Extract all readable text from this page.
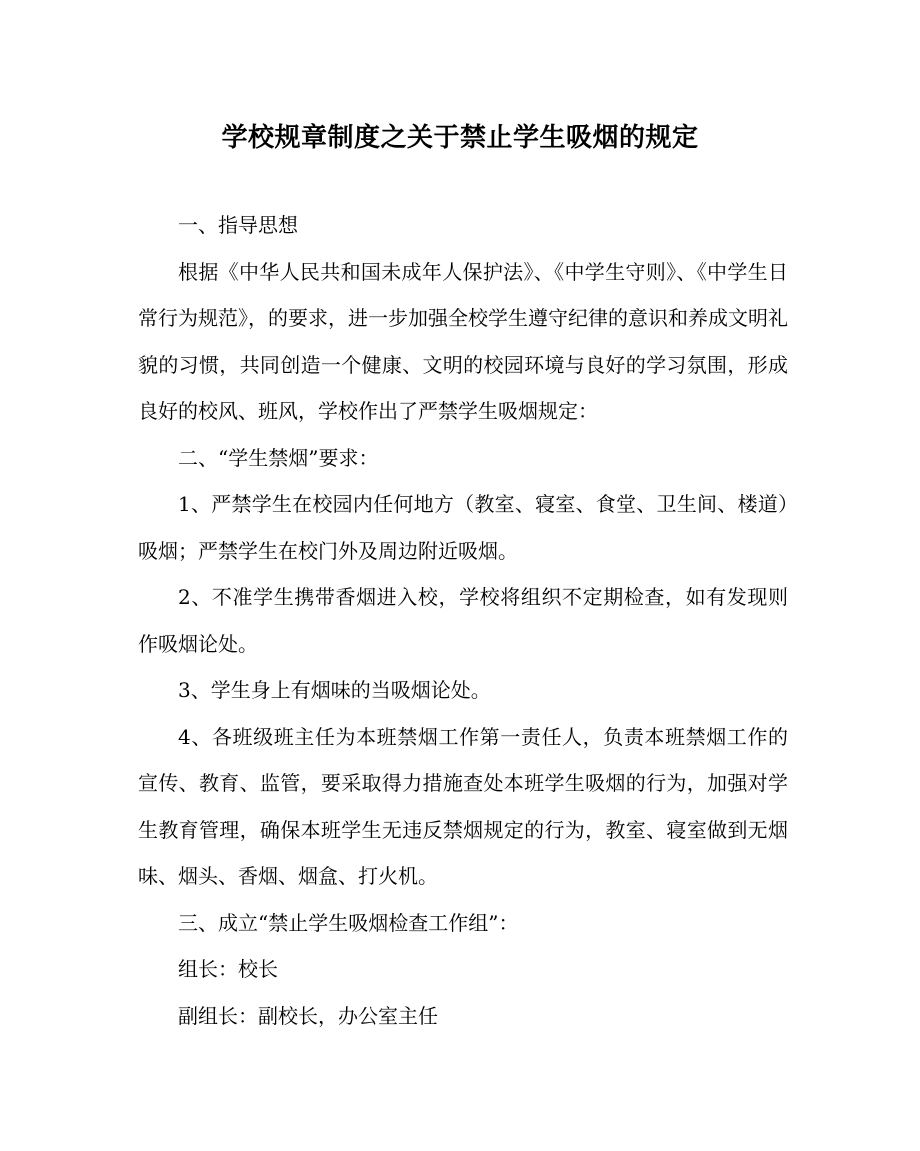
学校规章制度之关于禁止学生吸烟的规定

一、指导思想

根据《中华人民共和国未成年人保护法》、《中学生守则》、《中学生日常行为规范》，的要求，进一步加强全校学生遵守纪律的意识和养成文明礼貌的习惯，共同创造一个健康、文明的校园环境与良好的学习氛围，形成良好的校风、班风，学校作出了严禁学生吸烟规定：

二、“学生禁烟”要求：

1、严禁学生在校园内任何地方（教室、寝室、食堂、卫生间、楼道）吸烟；严禁学生在校门外及周边附近吸烟。

2、不准学生携带香烟进入校，学校将组织不定期检查，如有发现则作吸烟论处。

3、学生身上有烟味的当吸烟论处。

4、各班级班主任为本班禁烟工作第一责任人，负责本班禁烟工作的宣传、教育、监管，要采取得力措施查处本班学生吸烟的行为，加强对学生教育管理，确保本班学生无违反禁烟规定的行为，教室、寝室做到无烟味、烟头、香烟、烟盒、打火机。

三、成立“禁止学生吸烟检查工作组”：

组长：校长

副组长：副校长，办公室主任
